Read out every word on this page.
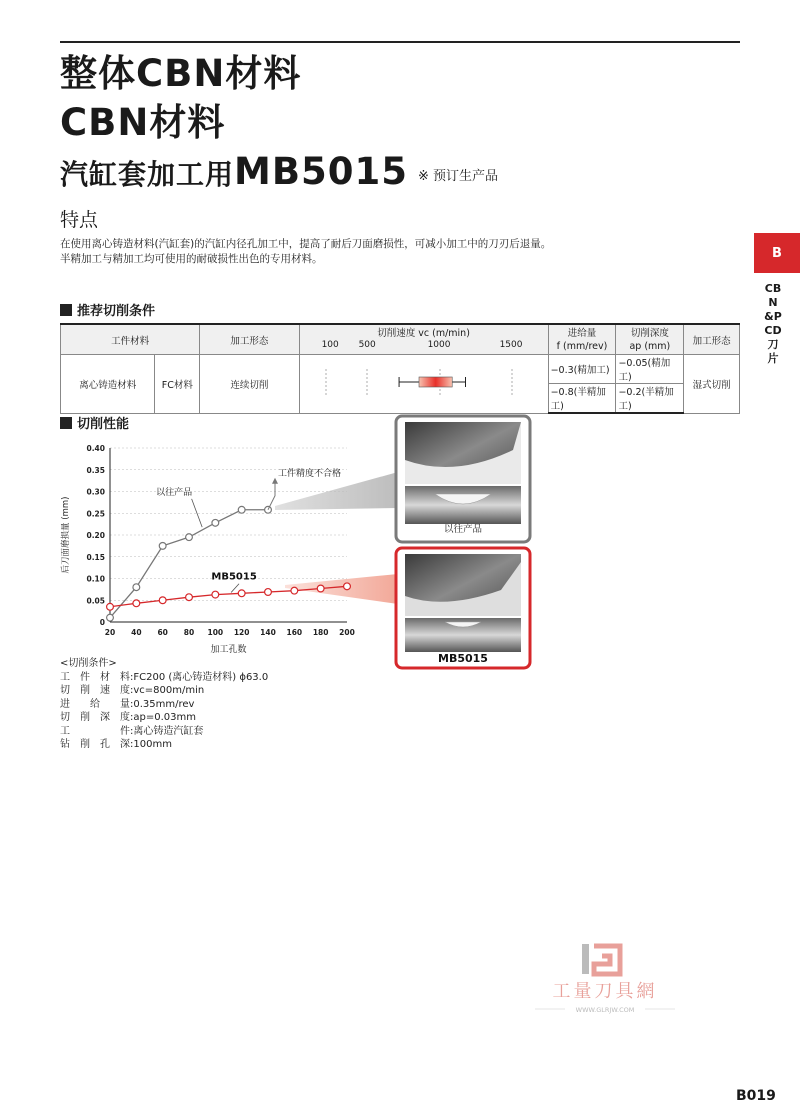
整体CBN材料
CBN材料
汽缸套加工用MB5015 $^{※ 预订生产品}$
特点
在使用离心铸造材料(汽缸套)的汽缸内径孔加工中，提高了耐后刀面磨损性，可减小加工中的刀刃后退量。
半精加工与精加工均可使用的耐破损性出色的专用材料。	B
CBN&PCD刀片
推荐切削条件
工件材料		加工形态	切削速度 vc (m/min)	进给量	切削深度	加工形态

			100 500 1000 1500	f (mm/rev)	ap (mm)	
离心铸造材料	FC材料	连续切削		−0.3(精加工)	−0.05(精加工)	湿式切削
				−0.8(半精加工)	−0.2(半精加工)	
切削性能
以往产品
MB5015
0
0.05
0.10
0.15
0.20
0.25
0.30
0.35
0.40
20 40 60 80 100 120 140 160 180 200
后刀面磨损量 (mm)
加工孔数
以往产品
MB5015
工件精度不合格
<切削条件>
工 件 材 料 :FC200 (离心铸造材料) ϕ63.0
切 削 速 度 :vc=800m/min
进 给 量 :0.35mm/rev
切 削 深 度 :ap=0.03mm
工	件 :离心铸造汽缸套
钻 削 孔 深 :100mm
工量刀具網
WWW.GLRJW.COM
B019
